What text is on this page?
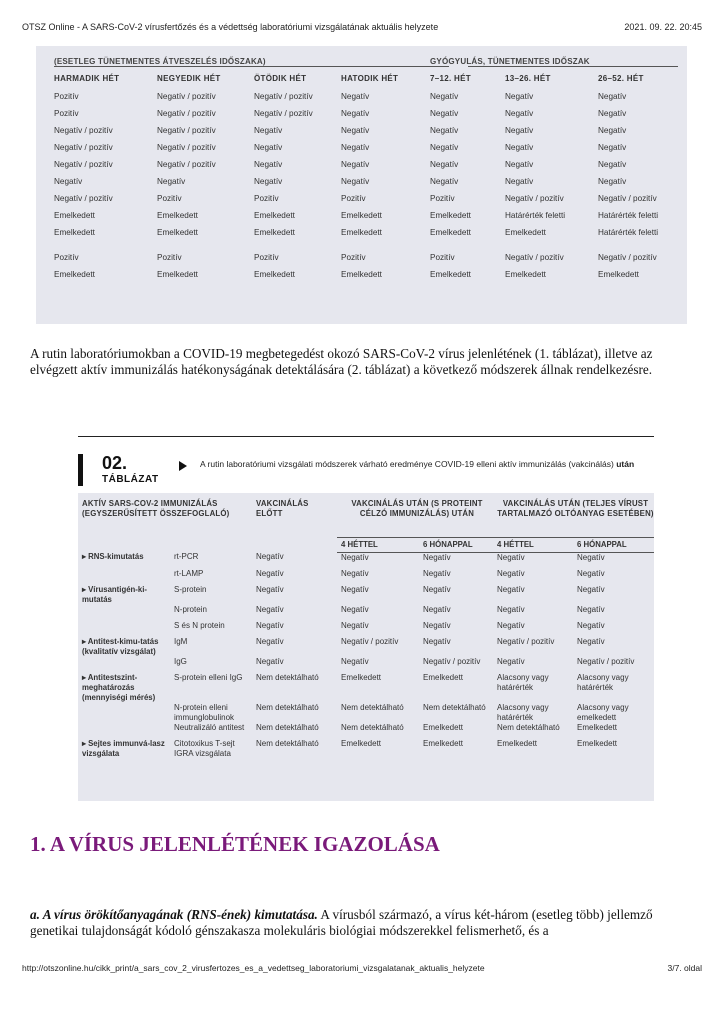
OTSZ Online - A SARS-CoV-2 vírusfertőzés és a védettség laboratóriumi vizsgálatának aktuális helyzete	2021. 09. 22. 20:45
	(ESETLEG TÜNETMENTES ÁTVESZELÉS IDŐSZAKA)				GYÓGYULÁS, TÜNETMENTES IDŐSZAK		
	HARMADIK HÉT	NEGYEDIK HÉT	ÖTÖDIK HÉT	HATODIK HÉT	7–12. HÉT	13–26. HÉT	26–52. HÉT
	Pozitív	Negatív / pozitív	Negatív / pozitív	Negatív	Negatív	Negatív	Negatív
	Pozitív	Negatív / pozitív	Negatív / pozitív	Negatív	Negatív	Negatív	Negatív
	Negatív / pozitív	Negatív / pozitív	Negatív	Negatív	Negatív	Negatív	Negatív
	Negatív / pozitív	Negatív / pozitív	Negatív	Negatív	Negatív	Negatív	Negatív
	Negatív / pozitív	Negatív / pozitív	Negatív	Negatív	Negatív	Negatív	Negatív
	Negatív	Negatív	Negatív	Negatív	Negatív	Negatív	Negatív
	Negatív / pozitív	Pozitív	Pozitív	Pozitív	Pozitív	Negatív / pozitív	Negatív / pozitív
	Emelkedett	Emelkedett	Emelkedett	Emelkedett	Emelkedett	Határérték feletti	Határérték feletti
	Emelkedett	Emelkedett	Emelkedett	Emelkedett	Emelkedett	Emelkedett	Határérték feletti

	Pozitív	Pozitív	Pozitív	Pozitív	Pozitív	Negatív / pozitív	Negatív / pozitív
	Emelkedett	Emelkedett	Emelkedett	Emelkedett	Emelkedett	Emelkedett	Emelkedett
A rutin laboratóriumokban a COVID-19 megbetegedést okozó SARS-CoV-2 vírus jelenlétének (1. táblázat), illetve az elvégzett aktív immunizálás hatékonyságának detektálására (2. táblázat) a következő módszerek állnak rendelkezésre.
02.
TÁBLÁZAT
A rutin laboratóriumi vizsgálati módszerek várható eredménye COVID-19 elleni aktív immunizálás (vakcinálás) után
AKTÍV SARS-COV-2 IMMUNIZÁLÁS (EGYSZERŰSÍTETT ÖSSZEFOGLALÓ)		VAKCINÁLÁS ELŐTT	VAKCINÁLÁS UTÁN (S PROTEINT CÉLZÓ IMMUNIZÁLÁS) UTÁN		VAKCINÁLÁS UTÁN (TELJES VÍRUST TARTALMAZÓ OLTÓANYAG ESETÉBEN)	
			4 HÉTTEL	6 HÓNAPPAL	4 HÉTTEL	6 HÓNAPPAL
▸ RNS-kimutatás	rt-PCR	Negatív	Negatív	Negatív	Negatív	Negatív
	rt-LAMP	Negatív	Negatív	Negatív	Negatív	Negatív
▸ Vírusantigén-ki-mutatás	S-protein	Negatív	Negatív	Negatív	Negatív	Negatív
	N-protein	Negatív	Negatív	Negatív	Negatív	Negatív
	S és N protein	Negatív	Negatív	Negatív	Negatív	Negatív
▸ Antitest-kimu-tatás (kvalitatív vizsgálat)	IgM	Negatív	Negatív / pozitív	Negatív	Negatív / pozitív	Negatív
	IgG	Negatív	Negatív	Negatív / pozitív	Negatív	Negatív / pozitív
▸ Antitestszint-meghatározás (mennyiségi mérés)	S-protein elleni IgG	Nem detektálható	Emelkedett	Emelkedett	Alacsony vagy határérték	Alacsony vagy határérték
	N-protein elleni immunglobulinok	Nem detektálható	Nem detektálható	Nem detektálható	Alacsony vagy határérték	Alacsony vagy emelkedett
	Neutralizáló antitest	Nem detektálható	Nem detektálható	Emelkedett	Nem detektálható	Emelkedett
▸ Sejtes immunvá-lasz vizsgálata	Citotoxikus T-sejt IGRA vizsgálata	Nem detektálható	Emelkedett	Emelkedett	Emelkedett	Emelkedett
1. A VÍRUS JELENLÉTÉNEK IGAZOLÁSA
a. A vírus örökítőanyagának (RNS-ének) kimutatása. A vírusból származó, a vírus két-három (esetleg több) jellemző genetikai tulajdonságát kódoló génszakasza molekuláris biológiai módszerekkel felismerhető, és a
http://otszonline.hu/cikk_print/a_sars_cov_2_virusfertozes_es_a_vedettseg_laboratoriumi_vizsgalatanak_aktualis_helyzete	3/7. oldal
